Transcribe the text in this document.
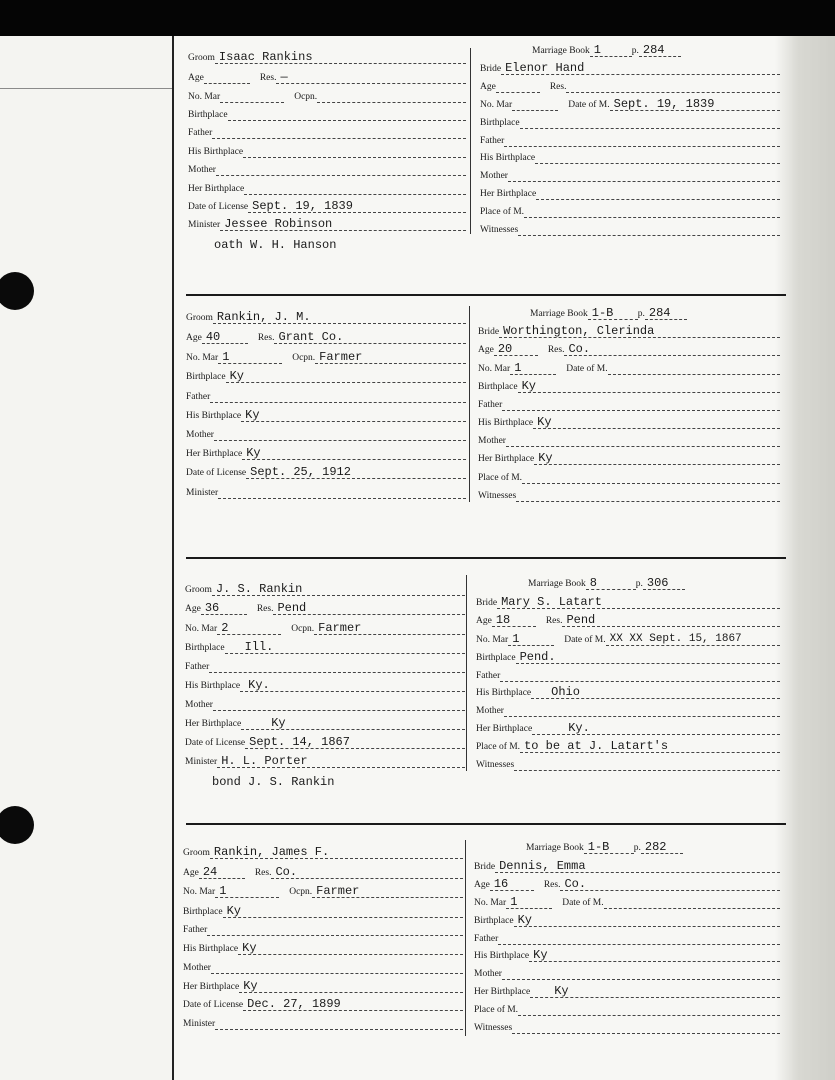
Groom Isaac Rankins
Age	Res. —
No. Mar	Ocpn.
Birthplace
Father
His Birthplace
Mother
Her Birthplace
Date of License Sept. 19, 1839
Minister Jessee Robinson
oath W. H. Hanson
Marriage Book 1	p. 284
Bride Elenor Hand
Age	Res.
No. Mar	Date of M. Sept. 19, 1839
Birthplace
Father
His Birthplace
Mother
Her Birthplace
Place of M.
Witnesses
Groom Rankin, J. M.
Age 40	Res. Grant Co.
No. Mar 1	Ocpn. Farmer
Birthplace Ky
Father
His Birthplace Ky
Mother
Her Birthplace Ky
Date of License Sept. 25, 1912
Minister
Marriage Book 1-B	p. 284
Bride Worthington, Clerinda
Age 20	Res. Co.
No. Mar 1	Date of M.
Birthplace Ky
Father
His Birthplace Ky
Mother
Her Birthplace Ky
Place of M.
Witnesses
Groom J. S. Rankin
Age 36	Res. Pend
No. Mar 2	Ocpn. Farmer
Birthplace	Ill.
Father
His Birthplace Ky.
Mother
Her Birthplace	Ky
Date of License Sept. 14, 1867
Minister H. L. Porter
bond J. S. Rankin
Marriage Book 8	p. 306
Bride Mary S. Latart
Age 18	Res. Pend
No. Mar 1	Date of M. XX XX Sept. 15, 1867
Birthplace Pend.
Father
His Birthplace	Ohio
Mother
Her Birthplace	Ky.
Place of M. to be at J. Latart's
Witnesses
Groom Rankin, James F.
Age 24	Res. Co.
No. Mar 1	Ocpn. Farmer
Birthplace Ky
Father
His Birthplace Ky
Mother
Her Birthplace Ky
Date of License Dec. 27, 1899
Minister
Marriage Book 1-B	p. 282
Bride Dennis, Emma
Age 16	Res. Co.
No. Mar 1	Date of M.
Birthplace Ky
Father
His Birthplace Ky
Mother
Her Birthplace	Ky
Place of M.
Witnesses
